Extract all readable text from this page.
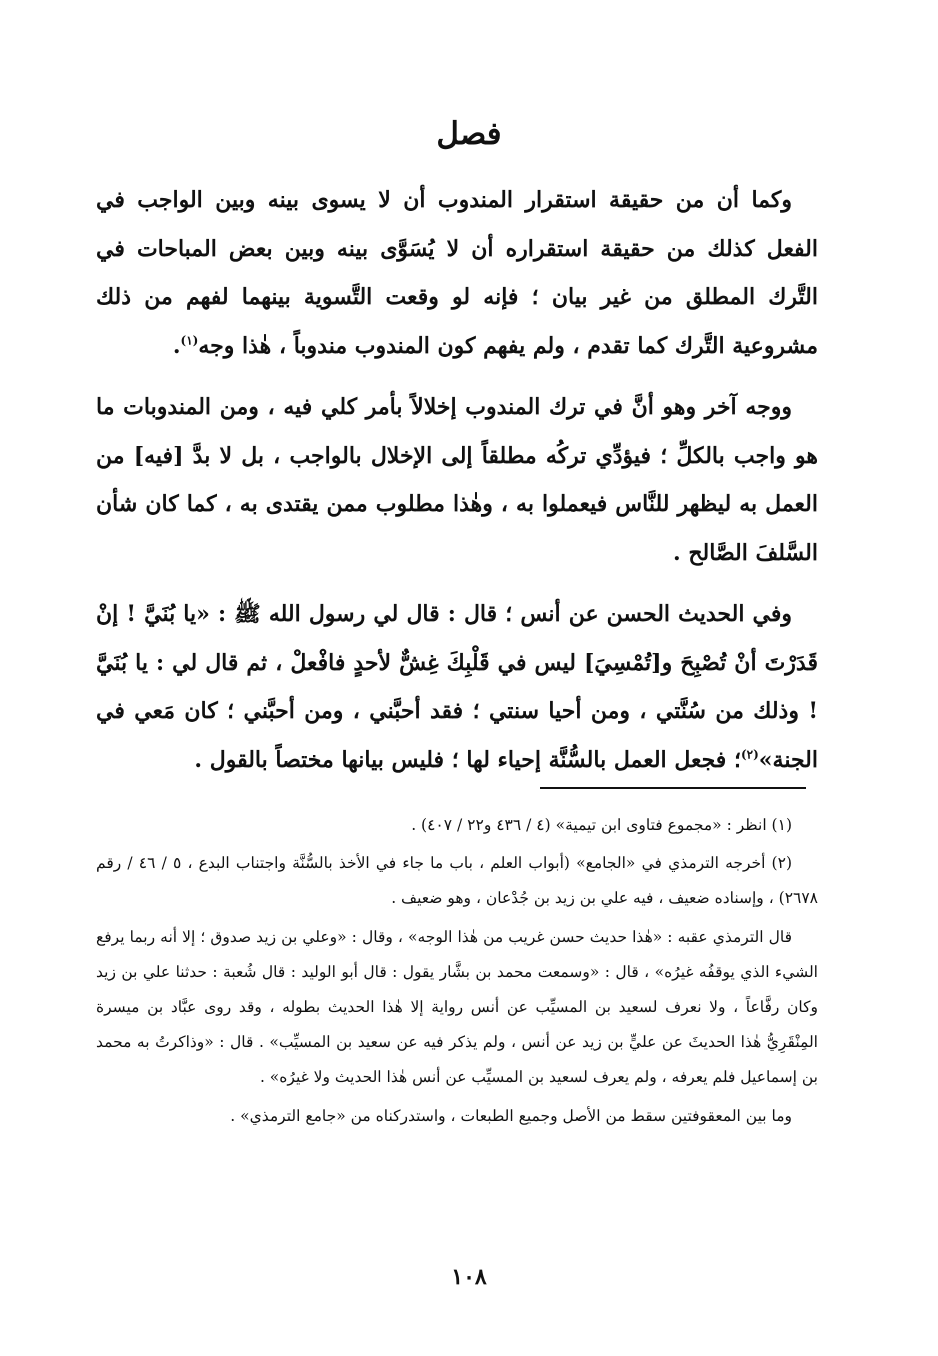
فصل

وكما أن من حقيقة استقرار المندوب أن لا يسوى بينه وبين الواجب في الفعل كذلك من حقيقة استقراره أن لا يُسَوَّى بينه وبين بعض المباحات في التَّرك المطلق من غير بيان ؛ فإنه لو وقعت التَّسوية بينهما لفهم من ذلك مشروعية التَّرك كما تقدم ، ولم يفهم كون المندوب مندوباً ، هٰذا وجه$^{(١)}$.

ووجه آخر وهو أنَّ في ترك المندوب إخلالاً بأمر كلي فيه ، ومن المندوبات ما هو واجب بالكلِّ ؛ فيؤدِّي تركُه مطلقاً إلى الإخلال بالواجب ، بل لا بدَّ [فيه] من العمل به ليظهر للنَّاس فيعملوا به ، وهٰذا مطلوب ممن يقتدى به ، كما كان شأن السَّلفَ الصَّالح .

وفي الحديث الحسن عن أنس ؛ قال : قال لي رسول الله ﷺ : «يا بُنَيَّ ! إنْ قَدَرْتَ أنْ تُصْبِحَ و[تُمْسِيَ] ليس في قَلْبِكَ غِشٌّ لأحدٍ فافْعلْ ، ثم قال لي : يا بُنَيَّ ! وذلك من سُنَّتي ، ومن أحيا سنتي ؛ فقد أحبَّني ، ومن أحبَّني ؛ كان مَعي في الجنة»$^{(٢)}$؛ فجعل العمل بالسُّنَّة إحياء لها ؛ فليس بيانها مختصاً بالقول .

(١) انظر : «مجموع فتاوى ابن تيمية» (٤ / ٤٣٦ و٢٢ / ٤٠٧) .

(٢) أخرجه الترمذي في «الجامع» (أبواب العلم ، باب ما جاء في الأخذ بالسُّنَّة واجتناب البدع ، ٥ / ٤٦ / رقم ٢٦٧٨) ، وإسناده ضعيف ، فيه علي بن زيد بن جُدْعان ، وهو ضعيف .

قال الترمذي عقبه : «هٰذا حديث حسن غريب من هٰذا الوجه» ، وقال : «وعلي بن زيد صدوق ؛ إلا أنه ربما يرفع الشيء الذي يوقفُه غيرُه» ، قال : «وسمعت محمد بن بشَّار يقول : قال أبو الوليد : قال شُعبة : حدثنا علي بن زيد وكان رفَّاعاً ، ولا نعرف لسعيد بن المسيِّب عن أنس رواية إلا هٰذا الحديث بطوله ، وقد روى عبَّاد بن ميسرة المِنْقَرِيُّ هٰذا الحديثَ عن عليٍّ بن زيد عن أنس ، ولم يذكر فيه عن سعيد بن المسيِّب» . قال : «وذاكرتُ به محمد بن إسماعيل فلم يعرفه ، ولم يعرف لسعيد بن المسيِّب عن أنس هٰذا الحديث ولا غيرُه» .

وما بين المعقوفتين سقط من الأصل وجميع الطبعات ، واستدركناه من «جامع الترمذي» .

١٠٨
